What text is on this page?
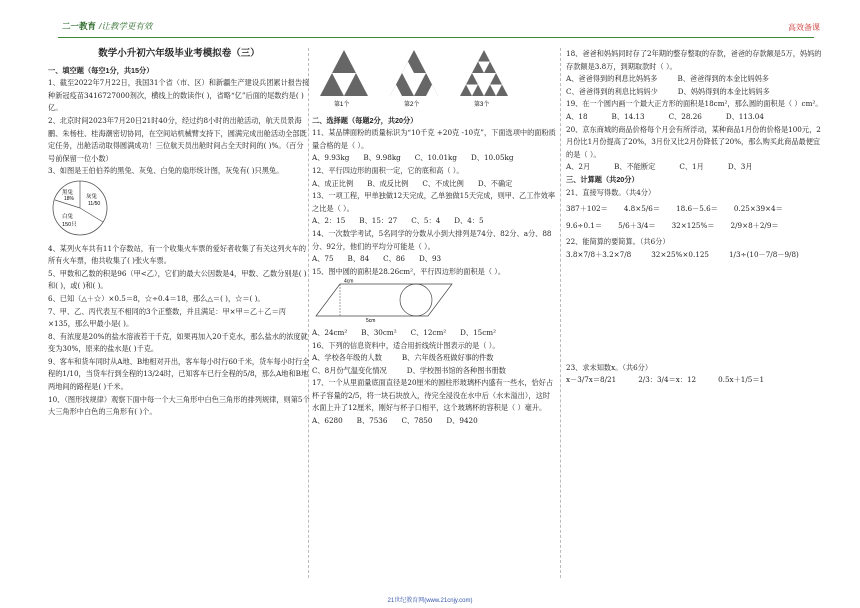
二一教育 /让教学更有效	高效备课
数学小升初六年级毕业考模拟卷（三）
一、填空题（每空1分，共15分）

1、截至2022年7月22日，我国31个省（市、区）和新疆生产建设兵团累计报告接种新冠疫苗3416727000剂次，横线上的数读作( )，省略“亿”后面的尾数约是( )亿。

2、北京时间2023年7月20日21时40分，经过约8小时的出舱活动，航天员景海鹏、朱杨柱、桂海潮密切协同，在空间站机械臂支持下，圆满完成出舱活动全部既定任务，出舱活动取得圆满成功！三位航天员出舱时间占全天时间的( )%。（百分号前保留一位小数）

3、如图是王伯伯养的黑兔、灰兔、白兔的扇形统计图，灰兔有( )只黑兔。

黑兔
18% 灰兔
11/50
白兔
150只

4、某列火车共有11个存数站，有一个收集火车票的爱好者收集了有关这列火车的所有火车票，他共收集了( )张火车票。

5、甲数和乙数的积是96（甲<乙），它们的最大公因数是4，甲数、乙数分别是( )和( )，或( )和( )。

6、已知（△＋☆）×0.5＝8，☆÷0.4＝18，那么△＝( )，☆＝( )。

7、甲、乙、丙代表互不相同的3个正整数，并且满足：甲×甲＝乙＋乙＝丙×135，那么甲最小是( )。

8、有浓度是20%的盐水溶液若干千克，如果再加入20千克水，那么盐水的浓度就变为30%，原来的盐水是( )千克。

9、客车和货车同时从A地、B地相对开出，客车每小时行60千米，货车每小时行全程的1/10，当货车行到全程的13/24时，已知客车已行全程的5/8，那么A地和B地两地间的路程是( )千米。

10、（图形找规律）观察下面中每一个大三角形中白色三角形的排列规律，则第5个大三角形中白色的三角形有( )个。

第1个	第2个	第3个
二、选择题（每题2分，共20分）

11、某品牌面粉的质量标识为“10千克 +20克 -10克”，下面选项中的面粉质量合格的是（ ）。

A、9.93kg B、9.98kg C、10.01kg D、10.05kg

12、平行四边形的面积一定，它的底和高（ ）。

A、成正比例 B、成反比例 C、不成比例 D、不确定

13、一项工程，甲单独做12天完成，乙单独做15天完成，则甲、乙工作效率之比是（ ）。

A、2：15 B、15：27 C、5：4 D、4：5

14、一次数学考试，5名同学的分数从小到大排列是74分、82分、a分、88分、92分，他们的平均分可能是（ ）。

A、75 B、84 C、86 D、93

15、图中圆的面积是28.26cm²，平行四边形的面积是（ ）。

4cm
5cm
A、24cm² B、30cm² C、12cm² D、15cm²

16、下列的信息资料中，适合用折线统计图表示的是（ ）。

A、学校各年级的人数	B、六年级各班做好事的件数
C、8月份气温变化情况	D、学校图书馆的各种图书册数

17、一个从里面量底面直径是20厘米的圆柱形玻璃杯内盛有一些水，恰好占杯子容量的2/5，将一块石块放入，待完全浸没在水中后（水未溢出），这时水面上升了12厘米，刚好与杯子口相平，这个玻璃杯的容积是（ ）毫升。

A、6280 B、7536 C、7850 D、9420

18、爸爸和妈妈同时存了2年期的整存整取的存款，爸爸的存款额是5万，妈妈的存款额是3.8万，到期取款时（ ）。

A、爸爸得到的利息比妈妈多	B、爸爸得到的本金比妈妈多
C、爸爸得到的利息比妈妈少	D、妈妈得到的本金比妈妈多

19、在一个圆内画一个最大正方形的面积是18cm²，那么圆的面积是（ ）cm²。

A、18	B、14.13	C、28.26	D、113.04

20、京东商城的商品价格每个月会有所浮动，某种商品1月份的价格是100元，2月份比1月份提高了20%，3月份又比2月份降低了20%，那么购买此商品最便宜的是（ ）。

A、2月	B、不能断定	C、1月	D、3月
三、计算题（共20分）

21、直接写得数。（共4分）

387＋102＝ 4.8×5/6＝ 18.6－5.6＝ 0.25×39×4＝
9.6÷0.1＝ 5/6＋3/4＝ 32×125%＝ 2/9×8＋2/9＝

22、能简算的要简算。（共6分）

3.8×7/8＋3.2×7/8	32×25%×0.125	1/3÷(10－7/8－9/8)

23、求未知数x。（共6分）

x－3/7x＝8/21	2/3：3/4＝x：12	0.5x＋1/5＝1
21世纪教育网(www.21cnjy.com)
